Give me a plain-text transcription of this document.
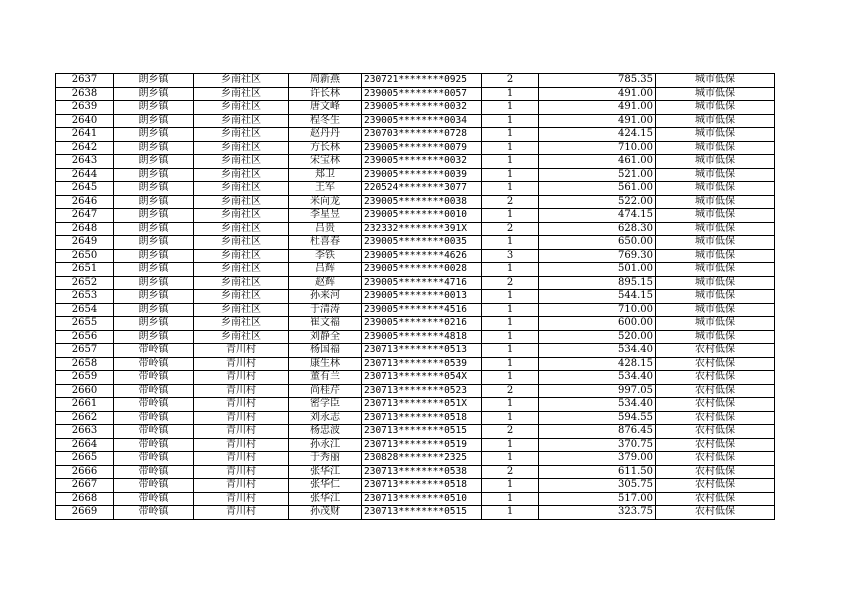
2637	朗乡镇	乡南社区	周新燕	230721********0925	2	785.35	城市低保
2638	朗乡镇	乡南社区	许长林	239005********0057	1	491.00	城市低保
2639	朗乡镇	乡南社区	唐文峰	239005********0032	1	491.00	城市低保
2640	朗乡镇	乡南社区	程冬生	239005********0034	1	491.00	城市低保
2641	朗乡镇	乡南社区	赵丹丹	230703********0728	1	424.15	城市低保
2642	朗乡镇	乡南社区	方长林	239005********0079	1	710.00	城市低保
2643	朗乡镇	乡南社区	宋宝林	239005********0032	1	461.00	城市低保
2644	朗乡镇	乡南社区	郑卫	239005********0039	1	521.00	城市低保
2645	朗乡镇	乡南社区	王军	220524********3077	1	561.00	城市低保
2646	朗乡镇	乡南社区	米向龙	239005********0038	2	522.00	城市低保
2647	朗乡镇	乡南社区	李星昱	239005********0010	1	474.15	城市低保
2648	朗乡镇	乡南社区	吕贵	232332********391X	2	628.30	城市低保
2649	朗乡镇	乡南社区	杜喜春	239005********0035	1	650.00	城市低保
2650	朗乡镇	乡南社区	李铁	239005********4626	3	769.30	城市低保
2651	朗乡镇	乡南社区	吕辉	239005********0028	1	501.00	城市低保
2652	朗乡镇	乡南社区	赵辉	239005********4716	2	895.15	城市低保
2653	朗乡镇	乡南社区	孙来河	239005********0013	1	544.15	城市低保
2654	朗乡镇	乡南社区	于清涛	239005********4516	1	710.00	城市低保
2655	朗乡镇	乡南社区	崔文福	239005********0216	1	600.00	城市低保
2656	朗乡镇	乡南社区	刘静全	239005********4818	1	520.00	城市低保
2657	带岭镇	青川村	杨国福	230713********0513	1	534.40	农村低保
2658	带岭镇	青川村	康生林	230713********0539	1	428.15	农村低保
2659	带岭镇	青川村	董有兰	230713********054X	1	534.40	农村低保
2660	带岭镇	青川村	尚桂芹	230713********0523	2	997.05	农村低保
2661	带岭镇	青川村	密学臣	230713********051X	1	534.40	农村低保
2662	带岭镇	青川村	刘永志	230713********0518	1	594.55	农村低保
2663	带岭镇	青川村	杨忠波	230713********0515	2	876.45	农村低保
2664	带岭镇	青川村	孙永江	230713********0519	1	370.75	农村低保
2665	带岭镇	青川村	于秀丽	230828********2325	1	379.00	农村低保
2666	带岭镇	青川村	张华江	230713********0538	2	611.50	农村低保
2667	带岭镇	青川村	张华仁	230713********0518	1	305.75	农村低保
2668	带岭镇	青川村	张华江	230713********0510	1	517.00	农村低保
2669	带岭镇	青川村	孙茂财	230713********0515	1	323.75	农村低保
